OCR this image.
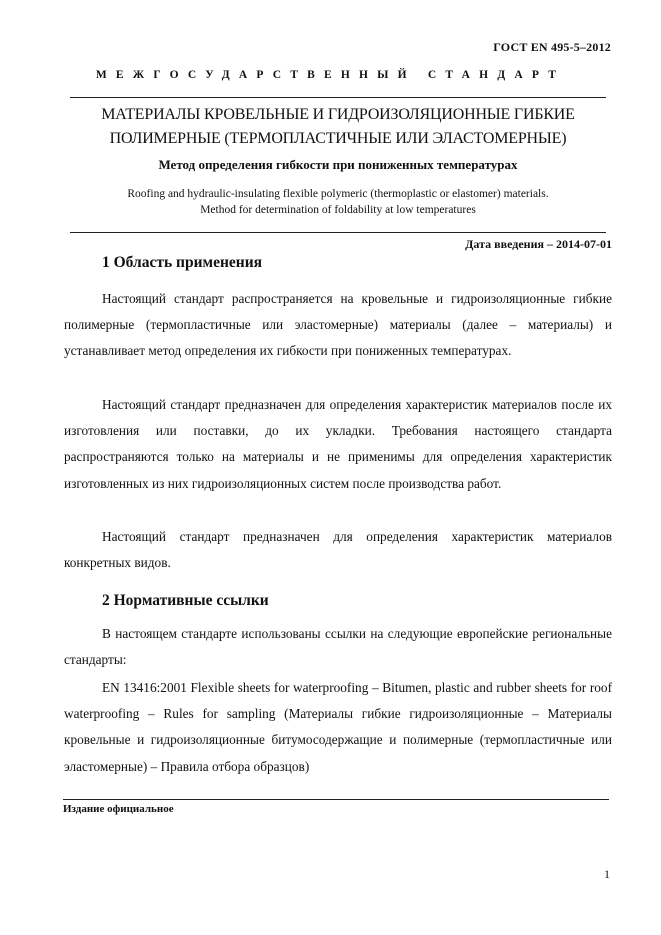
ГОСТ EN 495-5–2012
МЕЖГОСУДАРСТВЕННЫЙ СТАНДАРТ
МАТЕРИАЛЫ КРОВЕЛЬНЫЕ И ГИДРОИЗОЛЯЦИОННЫЕ ГИБКИЕ
ПОЛИМЕРНЫЕ (ТЕРМОПЛАСТИЧНЫЕ ИЛИ ЭЛАСТОМЕРНЫЕ)
Метод определения гибкости при пониженных температурах
Roofing and hydraulic-insulating flexible polymeric (thermoplastic or elastomer) materials.
Method for determination of foldability at low temperatures
Дата введения – 2014-07-01
1 Область применения
Настоящий стандарт распространяется на кровельные и гидроизоляционные гибкие полимерные (термопластичные или эластомерные) материалы (далее – материалы) и устанавливает метод определения их гибкости при пониженных температурах.
Настоящий стандарт предназначен для определения характеристик материалов после их изготовления или поставки, до их укладки. Требования настоящего стандарта распространяются только на материалы и не применимы для определения характеристик изготовленных из них гидроизоляционных систем после производства работ.
Настоящий стандарт предназначен для определения характеристик материалов конкретных видов.
2 Нормативные ссылки
В настоящем стандарте использованы ссылки на следующие европейские региональные стандарты:
EN 13416:2001 Flexible sheets for waterproofing – Bitumen, plastic and rubber sheets for roof waterproofing – Rules for sampling (Материалы гибкие гидроизоляционные – Материалы кровельные и гидроизоляционные битумосодержащие и полимерные (термопластичные или эластомерные) – Правила отбора образцов)
Издание официальное
1
